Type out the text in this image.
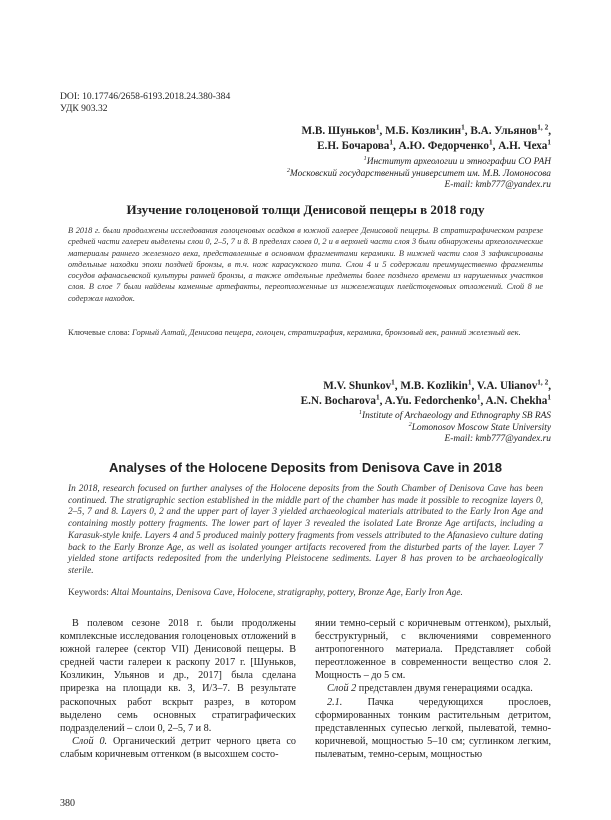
DOI: 10.17746/2658-6193.2018.24.380-384
УДК 903.32
М.В. Шуньков$^1$, М.Б. Козликин$^1$, В.А. Ульянов$^{1, 2}$,
Е.Н. Бочарова$^1$, А.Ю. Федорченко$^1$, А.Н. Чеха$^1$
$^1$Институт археологии и этнографии СО РАН
$^2$Московский государственный университет им. М.В. Ломоносова
E-mail: kmb777@yandex.ru
Изучение голоценовой толщи Денисовой пещеры в 2018 году
В 2018 г. были продолжены исследования голоценовых осадков в южной галерее Денисовой пещеры. В стратиграфическом разрезе средней части галереи выделены слои 0, 2–5, 7 и 8. В пределах слоев 0, 2 и в верхней части слоя 3 были обнаружены археологические материалы раннего железного века, представленные в основном фрагментами керамики. В нижней части слоя 3 зафиксированы отдельные находки эпохи поздней бронзы, в т.ч. нож карасукского типа. Слои 4 и 5 содержали преимущественно фрагменты сосудов афанасьевской культуры ранней бронзы, а также отдельные предметы более позднего времени из нарушенных участков слоя. В слое 7 были найдены каменные артефакты, переотложенные из нижележащих плейстоценовых отложений. Слой 8 не содержал находок.
Ключевые слова: Горный Алтай, Денисова пещера, голоцен, стратиграфия, керамика, бронзовый век, ранний железный век.
M.V. Shunkov$^1$, M.B. Kozlikin$^1$, V.A. Ulianov$^{1, 2}$,
E.N. Bocharova$^1$, A.Yu. Fedorchenko$^1$, A.N. Chekha$^1$
$^1$Institute of Archaeology and Ethnography SB RAS
$^2$Lomonosov Moscow State University
E-mail: kmb777@yandex.ru
Analyses of the Holocene Deposits from Denisova Cave in 2018
In 2018, research focused on further analyses of the Holocene deposits from the South Chamber of Denisova Cave has been continued. The stratigraphic section established in the middle part of the chamber has made it possible to recognize layers 0, 2–5, 7 and 8. Layers 0, 2 and the upper part of layer 3 yielded archaeological materials attributed to the Early Iron Age and containing mostly pottery fragments. The lower part of layer 3 revealed the isolated Late Bronze Age artifacts, including a Karasuk-style knife. Layers 4 and 5 produced mainly pottery fragments from vessels attributed to the Afanasievo culture dating back to the Early Bronze Age, as well as isolated younger artifacts recovered from the disturbed parts of the layer. Layer 7 yielded stone artifacts redeposited from the underlying Pleistocene sediments. Layer 8 has proven to be archaeologically sterile.
Keywords: Altai Mountains, Denisova Cave, Holocene, stratigraphy, pottery, Bronze Age, Early Iron Age.

В полевом сезоне 2018 г. были продолжены комплексные исследования голоценовых отложений в южной галерее (сектор VII) Денисовой пещеры. В средней части галереи к раскопу 2017 г. [Шуньков, Козликин, Ульянов и др., 2017] была сделана прирезка на площади кв. З, И/3–7. В результате раскопочных работ вскрыт разрез, в котором выделено семь основных стратиграфических подразделений – слои 0, 2–5, 7 и 8.

Слой 0. Органический детрит черного цвета со слабым коричневым оттенком (в высохшем состо-

янии темно-серый с коричневым оттенком), рыхлый, бесструктурный, с включениями современного антропогенного материала. Представляет собой переотложенное в современности вещество слоя 2. Мощность – до 5 см.

Слой 2 представлен двумя генерациями осадка.

2.1. Пачка чередующихся прослоев, сформированных тонким растительным детритом, представленных супесью легкой, пылеватой, темно-коричневой, мощностью 5–10 см; суглинком легким, пылеватым, темно-серым, мощностью

380
